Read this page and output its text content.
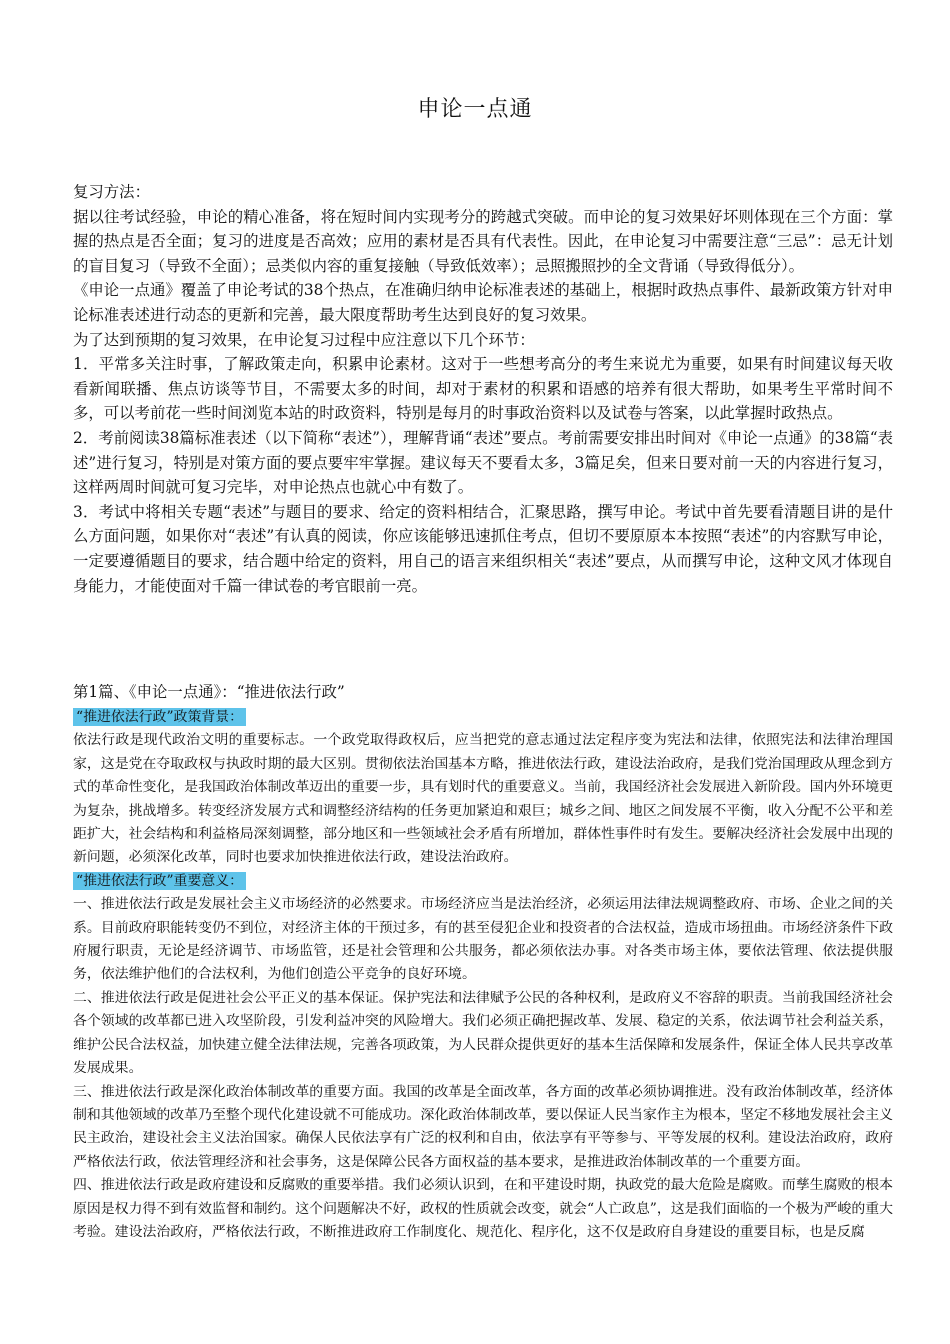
申论一点通

复习方法：

据以往考试经验，申论的精心准备，将在短时间内实现考分的跨越式突破。而申论的复习效果好坏则体现在三个方面：掌握的热点是否全面；复习的进度是否高效；应用的素材是否具有代表性。因此，在申论复习中需要注意“三忌”：忌无计划的盲目复习（导致不全面）；忌类似内容的重复接触（导致低效率）；忌照搬照抄的全文背诵（导致得低分）。

《申论一点通》覆盖了申论考试的38个热点，在准确归纳申论标准表述的基础上，根据时政热点事件、最新政策方针对申论标准表述进行动态的更新和完善，最大限度帮助考生达到良好的复习效果。

为了达到预期的复习效果，在申论复习过程中应注意以下几个环节：

1．平常多关注时事，了解政策走向，积累申论素材。这对于一些想考高分的考生来说尤为重要，如果有时间建议每天收看新闻联播、焦点访谈等节目，不需要太多的时间，却对于素材的积累和语感的培养有很大帮助，如果考生平常时间不多，可以考前花一些时间浏览本站的时政资料，特别是每月的时事政治资料以及试卷与答案，以此掌握时政热点。

2．考前阅读38篇标准表述（以下简称“表述”），理解背诵“表述”要点。考前需要安排出时间对《申论一点通》的38篇“表述”进行复习，特别是对策方面的要点要牢牢掌握。建议每天不要看太多，3篇足矣，但来日要对前一天的内容进行复习，这样两周时间就可复习完毕，对申论热点也就心中有数了。

3．考试中将相关专题“表述”与题目的要求、给定的资料相结合，汇聚思路，撰写申论。考试中首先要看清题目讲的是什么方面问题，如果你对“表述”有认真的阅读，你应该能够迅速抓住考点，但切不要原原本本按照“表述”的内容默写申论，一定要遵循题目的要求，结合题中给定的资料，用自己的语言来组织相关“表述”要点，从而撰写申论，这种文风才体现自身能力，才能使面对千篇一律试卷的考官眼前一亮。

第1篇、《申论一点通》：“推进依法行政”
“推进依法行政”政策背景：

依法行政是现代政治文明的重要标志。一个政党取得政权后，应当把党的意志通过法定程序变为宪法和法律，依照宪法和法律治理国家，这是党在夺取政权与执政时期的最大区别。贯彻依法治国基本方略，推进依法行政，建设法治政府，是我们党治国理政从理念到方式的革命性变化，是我国政治体制改革迈出的重要一步，具有划时代的重要意义。当前，我国经济社会发展进入新阶段。国内外环境更为复杂，挑战增多。转变经济发展方式和调整经济结构的任务更加紧迫和艰巨；城乡之间、地区之间发展不平衡，收入分配不公平和差距扩大，社会结构和利益格局深刻调整，部分地区和一些领域社会矛盾有所增加，群体性事件时有发生。要解决经济社会发展中出现的新问题，必须深化改革，同时也要求加快推进依法行政，建设法治政府。

“推进依法行政”重要意义：

一、推进依法行政是发展社会主义市场经济的必然要求。市场经济应当是法治经济，必须运用法律法规调整政府、市场、企业之间的关系。目前政府职能转变仍不到位，对经济主体的干预过多，有的甚至侵犯企业和投资者的合法权益，造成市场扭曲。市场经济条件下政府履行职责，无论是经济调节、市场监管，还是社会管理和公共服务，都必须依法办事。对各类市场主体，要依法管理、依法提供服务，依法维护他们的合法权利，为他们创造公平竞争的良好环境。

二、推进依法行政是促进社会公平正义的基本保证。保护宪法和法律赋予公民的各种权利，是政府义不容辞的职责。当前我国经济社会各个领域的改革都已进入攻坚阶段，引发利益冲突的风险增大。我们必须正确把握改革、发展、稳定的关系，依法调节社会利益关系，维护公民合法权益，加快建立健全法律法规，完善各项政策，为人民群众提供更好的基本生活保障和发展条件，保证全体人民共享改革发展成果。

三、推进依法行政是深化政治体制改革的重要方面。我国的改革是全面改革，各方面的改革必须协调推进。没有政治体制改革，经济体制和其他领域的改革乃至整个现代化建设就不可能成功。深化政治体制改革，要以保证人民当家作主为根本，坚定不移地发展社会主义民主政治，建设社会主义法治国家。确保人民依法享有广泛的权利和自由，依法享有平等参与、平等发展的权利。建设法治政府，政府严格依法行政，依法管理经济和社会事务，这是保障公民各方面权益的基本要求，是推进政治体制改革的一个重要方面。

四、推进依法行政是政府建设和反腐败的重要举措。我们必须认识到，在和平建设时期，执政党的最大危险是腐败。而孳生腐败的根本原因是权力得不到有效监督和制约。这个问题解决不好，政权的性质就会改变，就会“人亡政息”，这是我们面临的一个极为严峻的重大考验。建设法治政府，严格依法行政，不断推进政府工作制度化、规范化、程序化，这不仅是政府自身建设的重要目标，也是反腐
